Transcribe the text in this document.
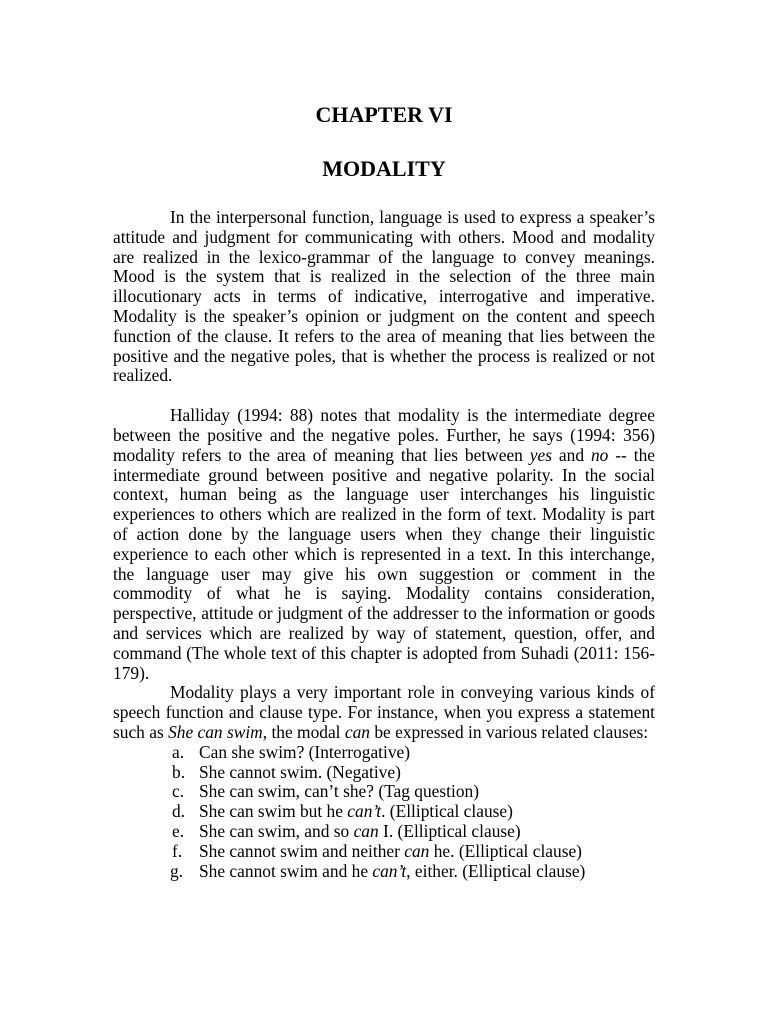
CHAPTER VI
MODALITY

In the interpersonal function, language is used to express a speaker’s attitude and judgment for communicating with others. Mood and modality are realized in the lexico-grammar of the language to convey meanings. Mood is the system that is realized in the selection of the three main illocutionary acts in terms of indicative, interrogative and imperative. Modality is the speaker’s opinion or judgment on the content and speech function of the clause. It refers to the area of meaning that lies between the positive and the negative poles, that is whether the process is realized or not realized.

Halliday (1994: 88) notes that modality is the intermediate degree between the positive and the negative poles. Further, he says (1994: 356) modality refers to the area of meaning that lies between yes and no -- the intermediate ground between positive and negative polarity. In the social context, human being as the language user interchanges his linguistic experiences to others which are realized in the form of text. Modality is part of action done by the language users when they change their linguistic experience to each other which is represented in a text. In this interchange, the language user may give his own suggestion or comment in the commodity of what he is saying. Modality contains consideration, perspective, attitude or judgment of the addresser to the information or goods and services which are realized by way of statement, question, offer, and command (The whole text of this chapter is adopted from Suhadi (2011: 156-179).

Modality plays a very important role in conveying various kinds of speech function and clause type. For instance, when you express a statement such as She can swim, the modal can be expressed in various related clauses:

a. Can she swim? (Interrogative)
b. She cannot swim. (Negative)
c. She can swim, can’t she? (Tag question)
d. She can swim but he can’t. (Elliptical clause)
e. She can swim, and so can I. (Elliptical clause)
f. She cannot swim and neither can he. (Elliptical clause)
g. She cannot swim and he can’t, either. (Elliptical clause)
